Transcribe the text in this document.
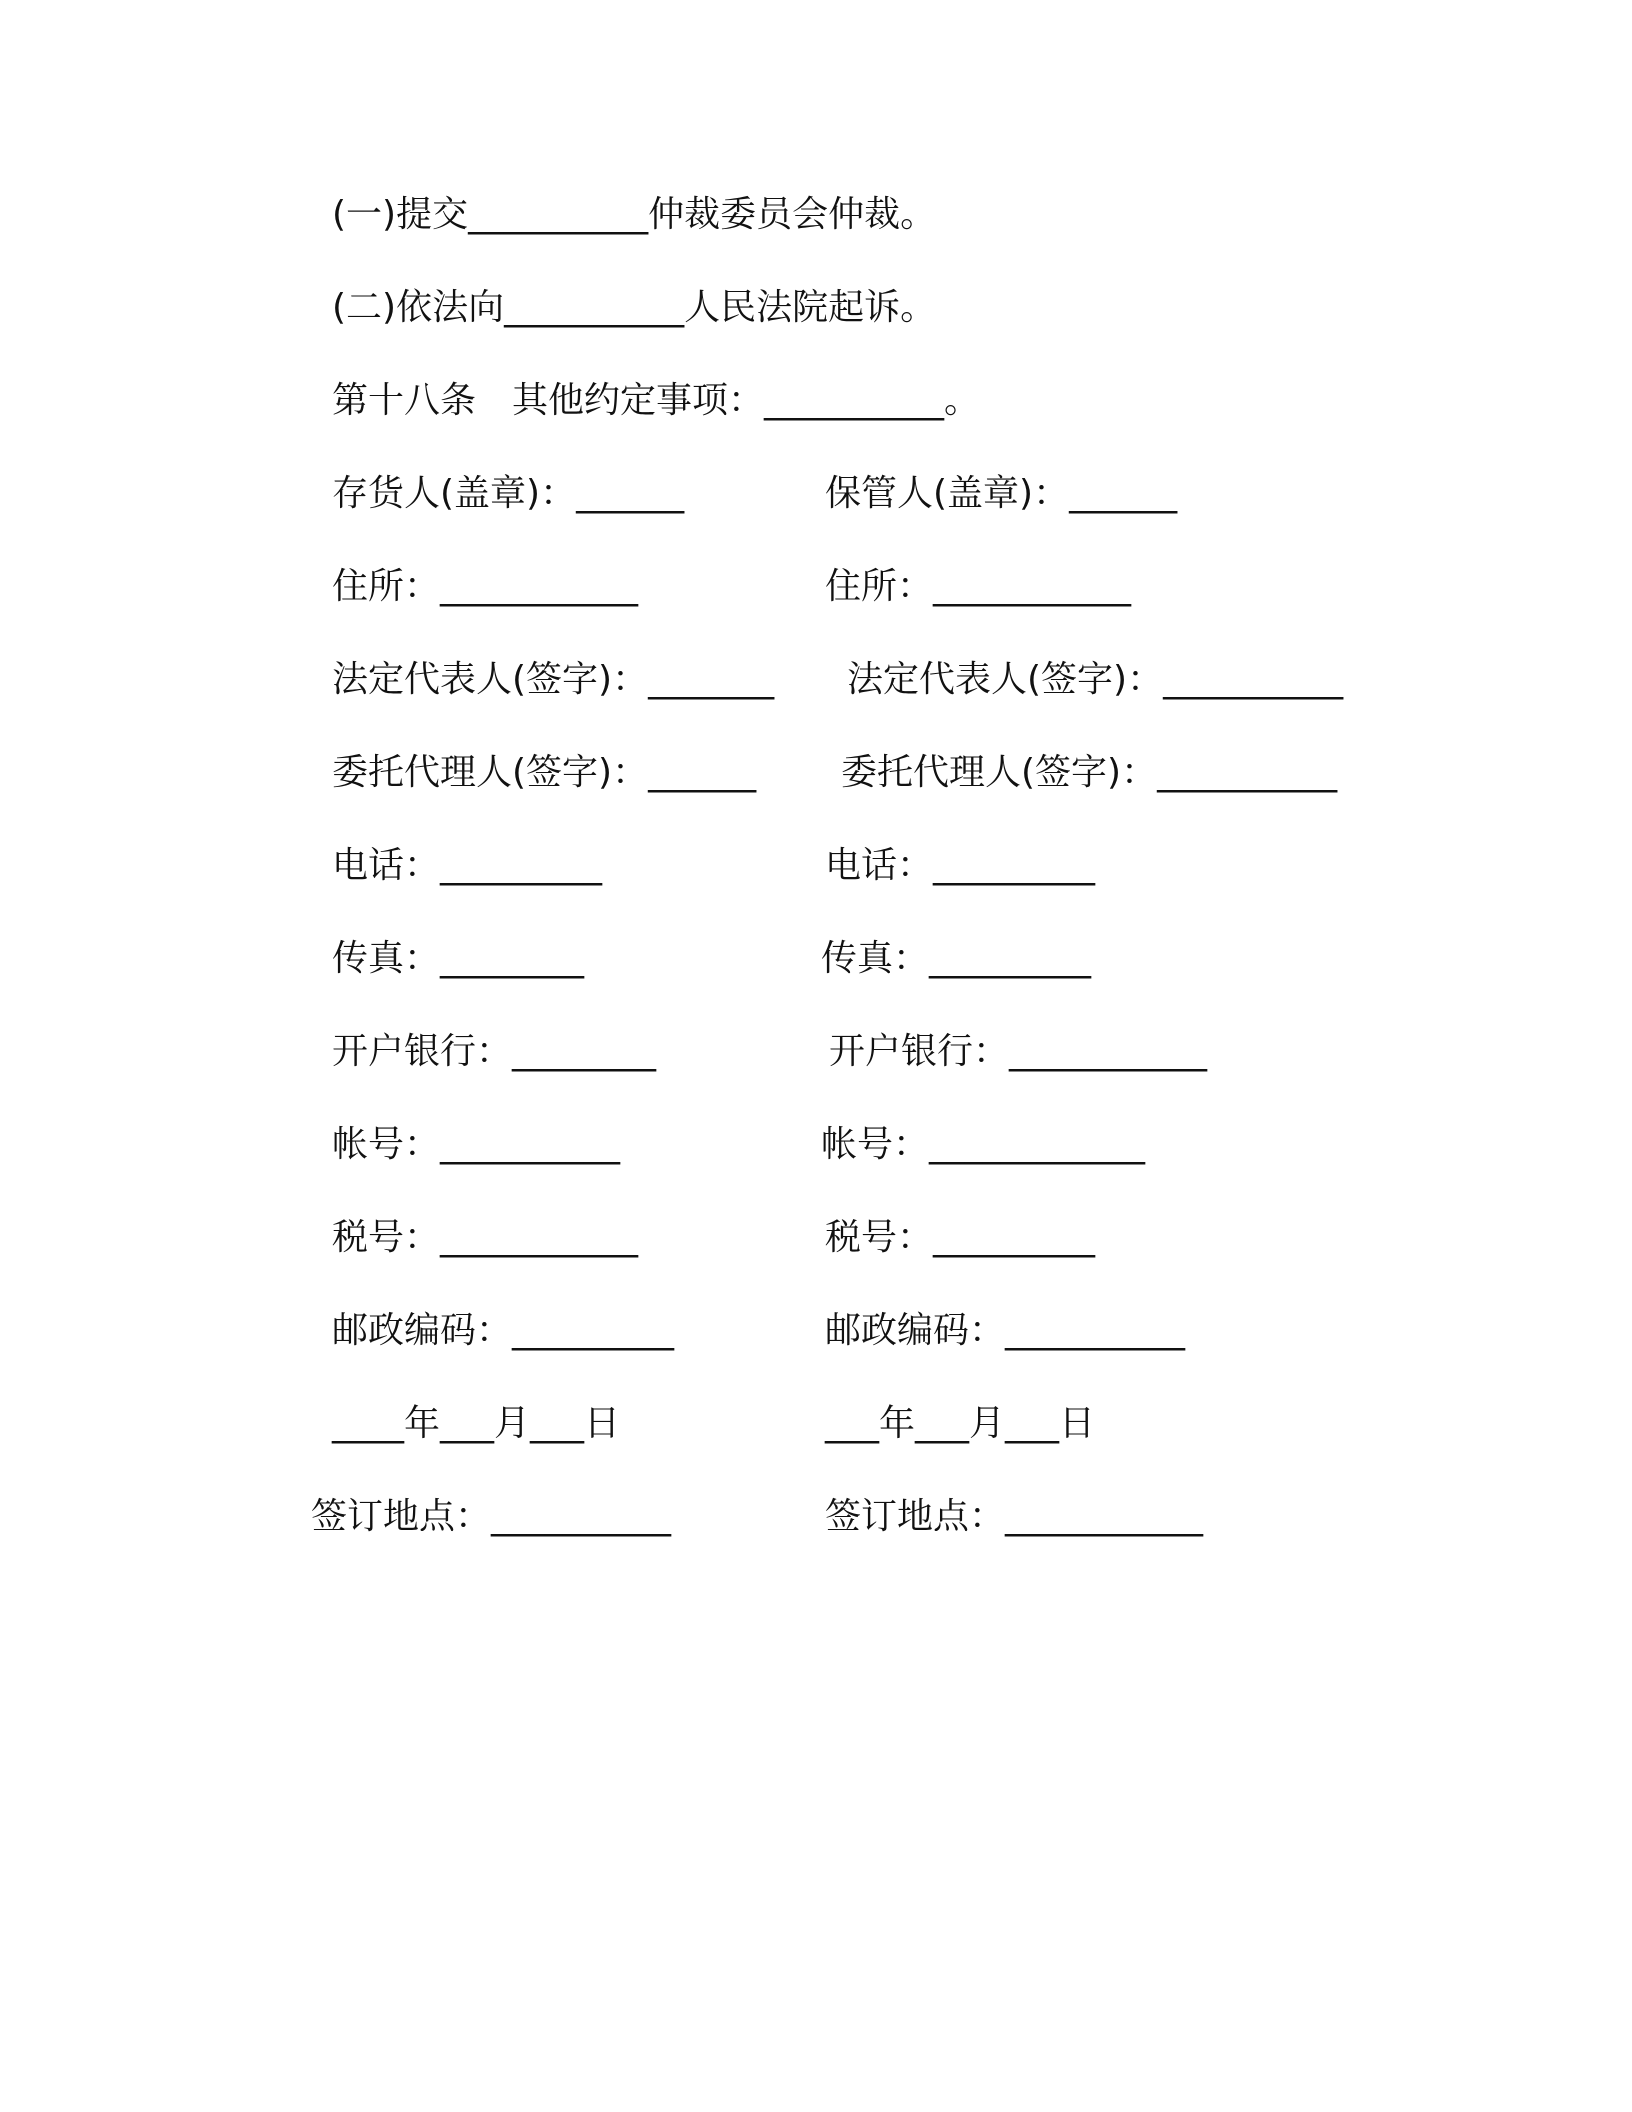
(一)提交__________仲裁委员会仲裁。
(二)依法向__________人民法院起诉。
第十八条　其他约定事项：__________。
存货人(盖章)：______	保管人(盖章)：______
住所：___________	住所：___________
法定代表人(签字)：_______ 法定代表人(签字)：__________
委托代理人(签字)：______ 委托代理人(签字)：__________
电话：_________	电话：_________
传真：________	传真：_________
开户银行：________	开户银行：___________
帐号：__________	帐号：____________
税号：___________	税号：_________
邮政编码：_________	邮政编码：__________
____年___月___日	___年___月___日
签订地点：__________	签订地点：___________
